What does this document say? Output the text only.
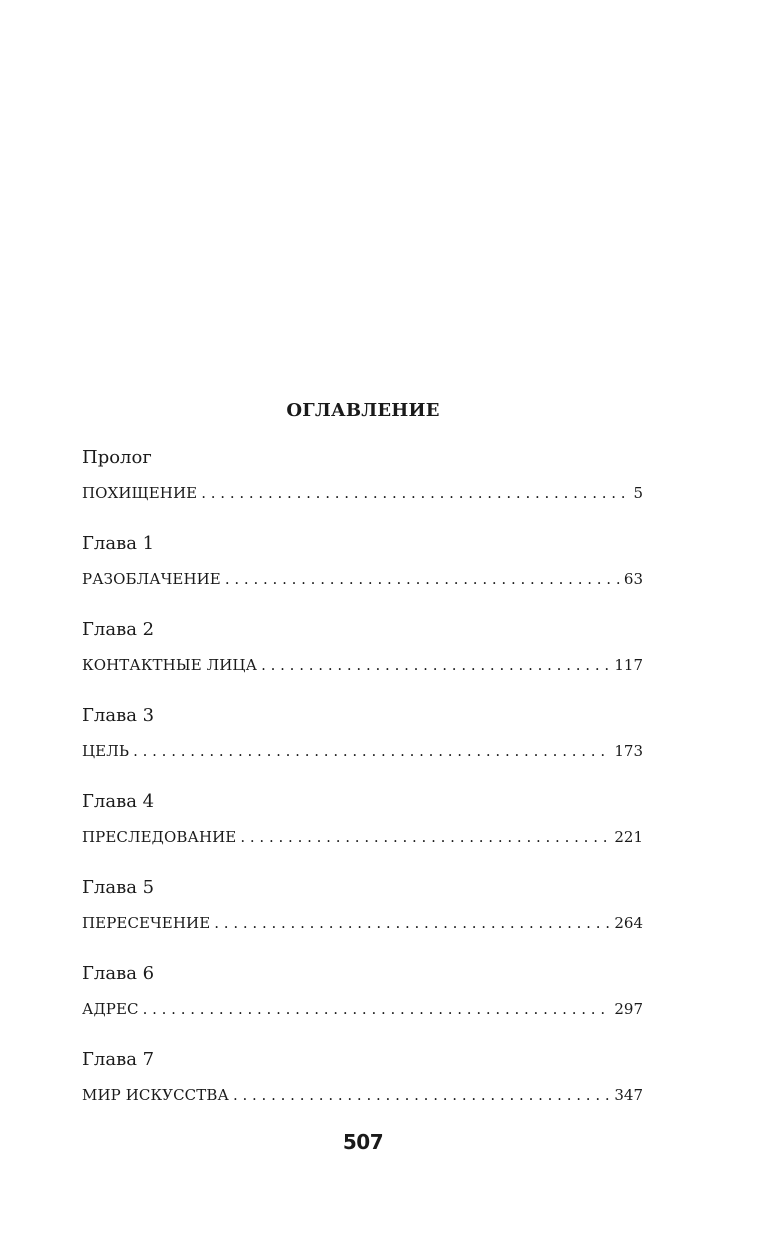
ОГЛАВЛЕНИЕ
Пролог
ПОХИЩЕНИЕ . . .	5
Глава 1
РАЗОБЛАЧЕНИЕ . . .	63
Глава 2
КОНТАКТНЫЕ ЛИЦА . . .	117
Глава 3
ЦЕЛЬ . . .	173
Глава 4
ПРЕСЛЕДОВАНИЕ . . .	221
Глава 5
ПЕРЕСЕЧЕНИЕ . . .	264
Глава 6
АДРЕС . . .	297
Глава 7
МИР ИСКУССТВА . . .	347
507
